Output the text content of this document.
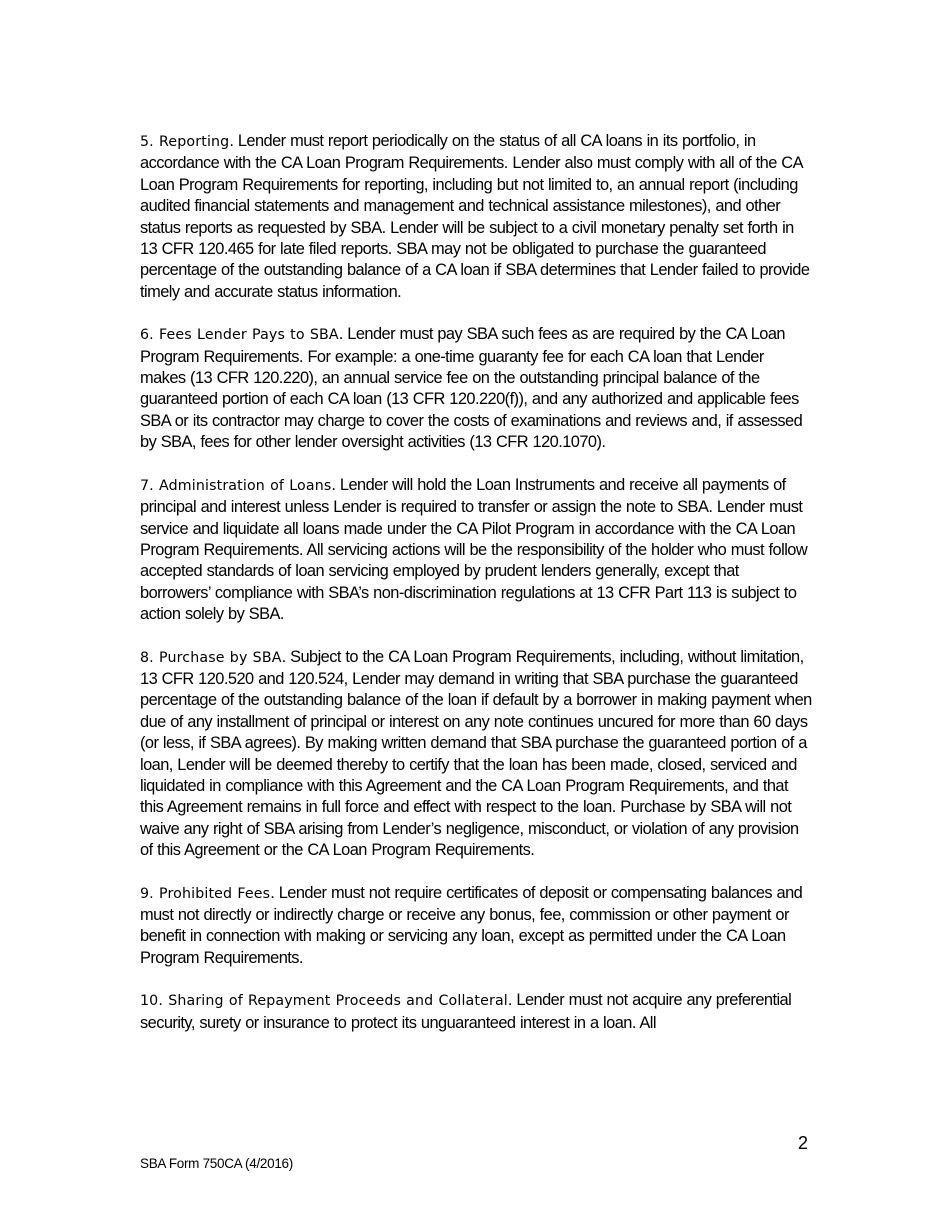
5. Reporting. Lender must report periodically on the status of all CA loans in its portfolio, in accordance with the CA Loan Program Requirements. Lender also must comply with all of the CA Loan Program Requirements for reporting, including but not limited to, an annual report (including audited financial statements and management and technical assistance milestones), and other status reports as requested by SBA. Lender will be subject to a civil monetary penalty set forth in 13 CFR 120.465 for late filed reports. SBA may not be obligated to purchase the guaranteed percentage of the outstanding balance of a CA loan if SBA determines that Lender failed to provide timely and accurate status information.

6. Fees Lender Pays to SBA. Lender must pay SBA such fees as are required by the CA Loan Program Requirements. For example: a one-time guaranty fee for each CA loan that Lender makes (13 CFR 120.220), an annual service fee on the outstanding principal balance of the guaranteed portion of each CA loan (13 CFR 120.220(f)), and any authorized and applicable fees SBA or its contractor may charge to cover the costs of examinations and reviews and, if assessed by SBA, fees for other lender oversight activities (13 CFR 120.1070).

7. Administration of Loans. Lender will hold the Loan Instruments and receive all payments of principal and interest unless Lender is required to transfer or assign the note to SBA. Lender must service and liquidate all loans made under the CA Pilot Program in accordance with the CA Loan Program Requirements. All servicing actions will be the responsibility of the holder who must follow accepted standards of loan servicing employed by prudent lenders generally, except that borrowers’ compliance with SBA’s non-discrimination regulations at 13 CFR Part 113 is subject to action solely by SBA.

8. Purchase by SBA. Subject to the CA Loan Program Requirements, including, without limitation, 13 CFR 120.520 and 120.524, Lender may demand in writing that SBA purchase the guaranteed percentage of the outstanding balance of the loan if default by a borrower in making payment when due of any installment of principal or interest on any note continues uncured for more than 60 days (or less, if SBA agrees). By making written demand that SBA purchase the guaranteed portion of a loan, Lender will be deemed thereby to certify that the loan has been made, closed, serviced and liquidated in compliance with this Agreement and the CA Loan Program Requirements, and that this Agreement remains in full force and effect with respect to the loan. Purchase by SBA will not waive any right of SBA arising from Lender’s negligence, misconduct, or violation of any provision of this Agreement or the CA Loan Program Requirements.

9. Prohibited Fees. Lender must not require certificates of deposit or compensating balances and must not directly or indirectly charge or receive any bonus, fee, commission or other payment or benefit in connection with making or servicing any loan, except as permitted under the CA Loan Program Requirements.

10. Sharing of Repayment Proceeds and Collateral. Lender must not acquire any preferential security, surety or insurance to protect its unguaranteed interest in a loan. All

2
SBA Form 750CA (4/2016)
